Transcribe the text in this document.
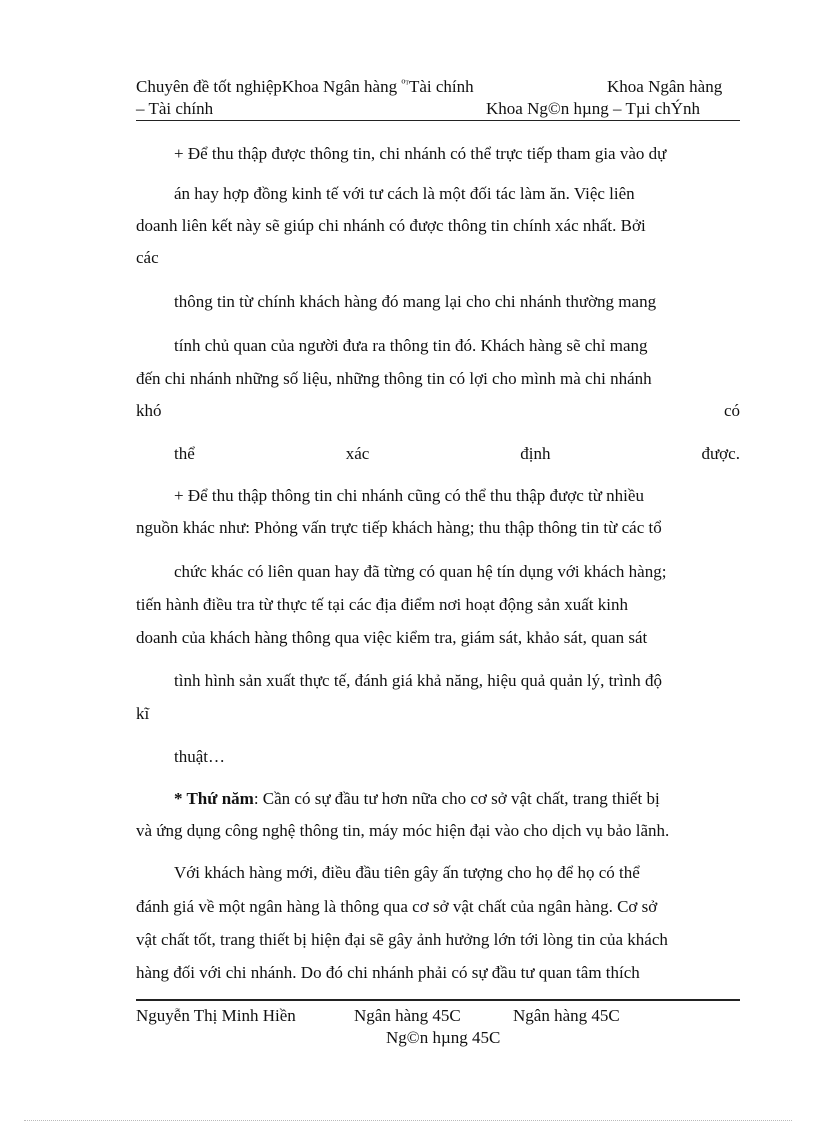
Chuyên đề tốt nghiệpKhoa Ngân hàng $^{^0ᵀ}$Tài chính	Khoa Ngân hàng
– Tài chính	Khoa Ng©n hµng – Tµi chÝnh
+ Để thu thập được thông tin, chi nhánh có thể trực tiếp tham gia vào dự
án hay hợp đồng kinh tế với tư cách là một đối tác làm ăn. Việc liên
doanh liên kết này sẽ giúp chi nhánh có được thông tin chính xác nhất. Bởi
các
thông tin từ chính khách hàng đó mang lại cho chi nhánh thường mang
tính chủ quan của người đưa ra thông tin đó. Khách hàng sẽ chỉ mang
đến chi nhánh những số liệu, những thông tin có lợi cho mình mà chi nhánh
khó	có
thể	xác	định	được.
+ Để thu thập thông tin chi nhánh cũng có thể thu thập được từ nhiều
nguồn khác như: Phỏng vấn trực tiếp khách hàng; thu thập thông tin từ các tổ
chức khác có liên quan hay đã từng có quan hệ tín dụng với khách hàng;
tiến hành điều tra từ thực tế tại các địa điểm nơi hoạt động sản xuất kinh
doanh của khách hàng thông qua việc kiểm tra, giám sát, khảo sát, quan sát
tình hình sản xuất thực tế, đánh giá khả năng, hiệu quả quản lý, trình độ
kĩ
thuật…
* Thứ năm: Cần có sự đầu tư hơn nữa cho cơ sở vật chất, trang thiết bị
và ứng dụng công nghệ thông tin, máy móc hiện đại vào cho dịch vụ bảo lãnh.
Với khách hàng mới, điều đầu tiên gây ấn tượng cho họ để họ có thể
đánh giá về một ngân hàng là thông qua cơ sở vật chất của ngân hàng. Cơ sở
vật chất tốt, trang thiết bị hiện đại sẽ gây ảnh hưởng lớn tới lòng tin của khách
hàng đối với chi nhánh. Do đó chi nhánh phải có sự đầu tư quan tâm thích
Nguyễn Thị Minh Hiền	Ngân hàng 45C	Ngân hàng 45C
Ng©n hµng 45C
